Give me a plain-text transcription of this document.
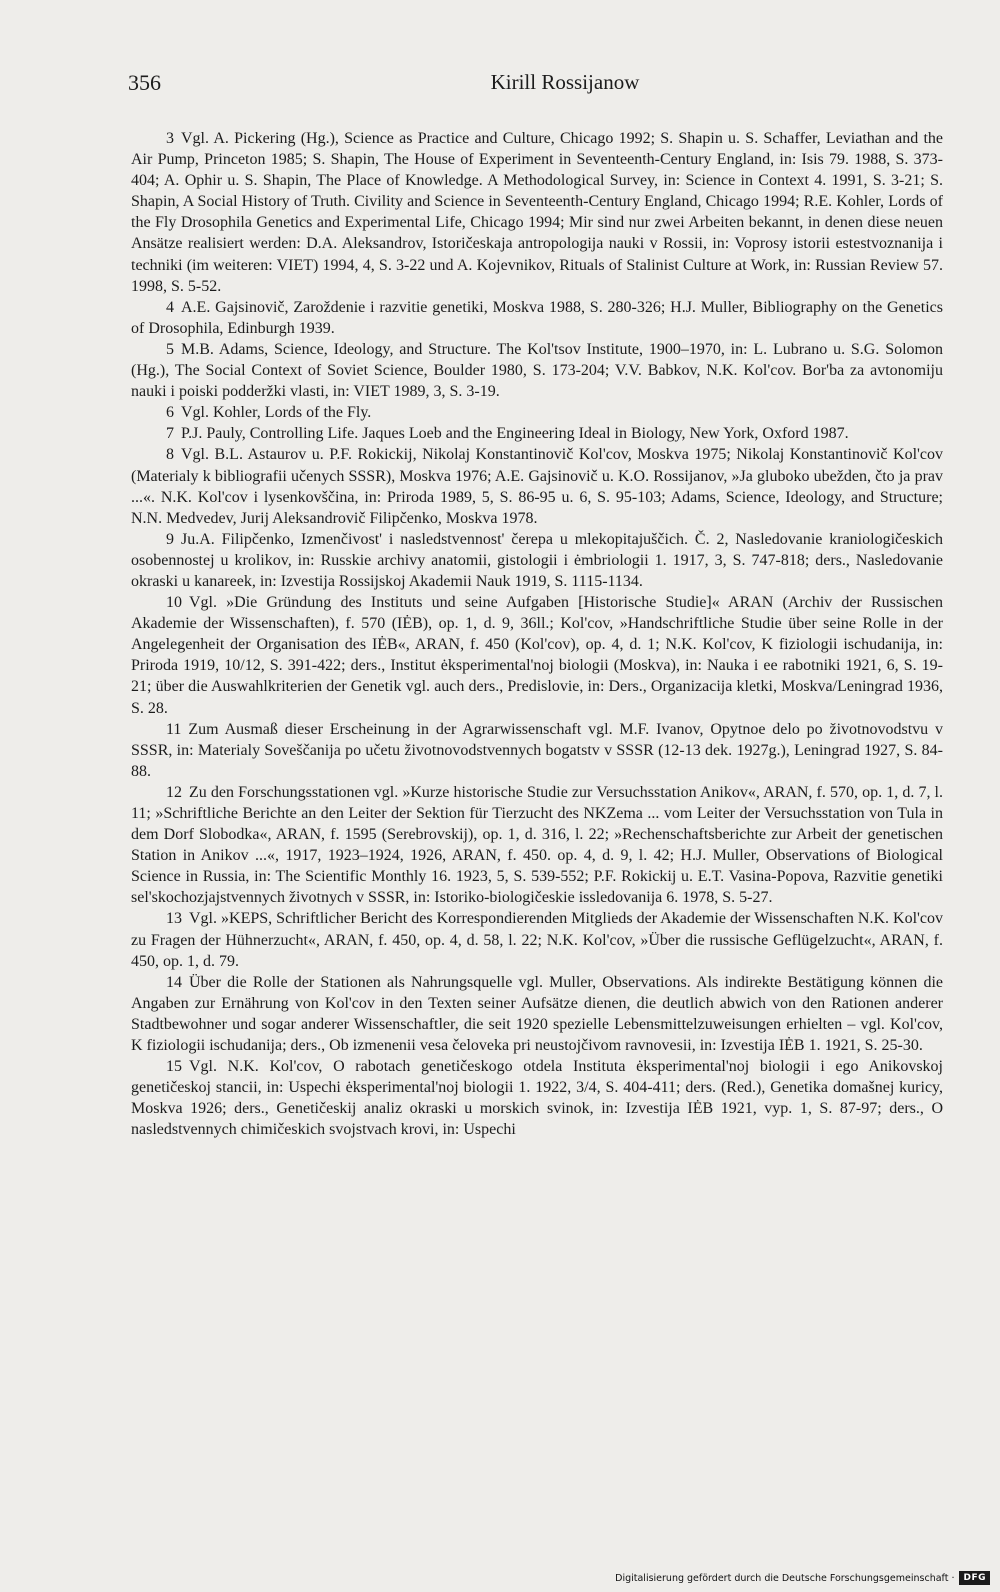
356	Kirill Rossijanow

3 Vgl. A. Pickering (Hg.), Science as Practice and Culture, Chicago 1992; S. Shapin u. S. Schaffer, Leviathan and the Air Pump, Princeton 1985; S. Shapin, The House of Experiment in Seventeenth-Century England, in: Isis 79. 1988, S. 373-404; A. Ophir u. S. Shapin, The Place of Knowledge. A Methodological Survey, in: Science in Context 4. 1991, S. 3-21; S. Shapin, A Social History of Truth. Civility and Science in Seventeenth-Century England, Chicago 1994; R.E. Kohler, Lords of the Fly Drosophila Genetics and Experimental Life, Chicago 1994; Mir sind nur zwei Arbeiten bekannt, in denen diese neuen Ansätze realisiert werden: D.A. Aleksandrov, Istoričeskaja antropologija nauki v Rossii, in: Voprosy istorii estestvoznanija i techniki (im weiteren: VIET) 1994, 4, S. 3-22 und A. Kojevnikov, Rituals of Stalinist Culture at Work, in: Russian Review 57. 1998, S. 5-52.

4 A.E. Gajsinovič, Zaroždenie i razvitie genetiki, Moskva 1988, S. 280-326; H.J. Muller, Bibliography on the Genetics of Drosophila, Edinburgh 1939.

5 M.B. Adams, Science, Ideology, and Structure. The Kol'tsov Institute, 1900–1970, in: L. Lubrano u. S.G. Solomon (Hg.), The Social Context of Soviet Science, Boulder 1980, S. 173-204; V.V. Babkov, N.K. Kol'cov. Bor'ba za avtonomiju nauki i poiski podderžki vlasti, in: VIET 1989, 3, S. 3-19.

6 Vgl. Kohler, Lords of the Fly.

7 P.J. Pauly, Controlling Life. Jaques Loeb and the Engineering Ideal in Biology, New York, Oxford 1987.

8 Vgl. B.L. Astaurov u. P.F. Rokickij, Nikolaj Konstantinovič Kol'cov, Moskva 1975; Nikolaj Konstantinovič Kol'cov (Materialy k bibliografii učenych SSSR), Moskva 1976; A.E. Gajsinovič u. K.O. Rossijanov, »Ja gluboko ubežden, čto ja prav ...«. N.K. Kol'cov i lysenkovščina, in: Priroda 1989, 5, S. 86-95 u. 6, S. 95-103; Adams, Science, Ideology, and Structure; N.N. Medvedev, Jurij Aleksandrovič Filipčenko, Moskva 1978.

9 Ju.A. Filipčenko, Izmenčivost' i nasledstvennost' čerepa u mlekopitajuščich. Č. 2, Nasledovanie kraniologičeskich osobennostej u krolikov, in: Russkie archivy anatomii, gistologii i ėmbriologii 1. 1917, 3, S. 747-818; ders., Nasledovanie okraski u kanareek, in: Izvestija Rossijskoj Akademii Nauk 1919, S. 1115-1134.

10 Vgl. »Die Gründung des Instituts und seine Aufgaben [Historische Studie]« ARAN (Archiv der Russischen Akademie der Wissenschaften), f. 570 (IĖB), op. 1, d. 9, 36ll.; Kol'cov, »Handschriftliche Studie über seine Rolle in der Angelegenheit der Organisation des IĖB«, ARAN, f. 450 (Kol'cov), op. 4, d. 1; N.K. Kol'cov, K fiziologii ischudanija, in: Priroda 1919, 10/12, S. 391-422; ders., Institut ėksperimental'noj biologii (Moskva), in: Nauka i ee rabotniki 1921, 6, S. 19-21; über die Auswahlkriterien der Genetik vgl. auch ders., Predislovie, in: Ders., Organizacija kletki, Moskva/Leningrad 1936, S. 28.

11 Zum Ausmaß dieser Erscheinung in der Agrarwissenschaft vgl. M.F. Ivanov, Opytnoe delo po životnovodstvu v SSSR, in: Materialy Soveščanija po učetu životnovodstvennych bogatstv v SSSR (12-13 dek. 1927g.), Leningrad 1927, S. 84-88.

12 Zu den Forschungsstationen vgl. »Kurze historische Studie zur Versuchsstation Anikov«, ARAN, f. 570, op. 1, d. 7, l. 11; »Schriftliche Berichte an den Leiter der Sektion für Tierzucht des NKZema ... vom Leiter der Versuchsstation von Tula in dem Dorf Slobodka«, ARAN, f. 1595 (Serebrovskij), op. 1, d. 316, l. 22; »Rechenschaftsberichte zur Arbeit der genetischen Station in Anikov ...«, 1917, 1923–1924, 1926, ARAN, f. 450. op. 4, d. 9, l. 42; H.J. Muller, Observations of Biological Science in Russia, in: The Scientific Monthly 16. 1923, 5, S. 539-552; P.F. Rokickij u. E.T. Vasina-Popova, Razvitie genetiki sel'skochozjajstvennych životnych v SSSR, in: Istoriko-biologičeskie issledovanija 6. 1978, S. 5-27.

13 Vgl. »KEPS, Schriftlicher Bericht des Korrespondierenden Mitglieds der Akademie der Wissenschaften N.K. Kol'cov zu Fragen der Hühnerzucht«, ARAN, f. 450, op. 4, d. 58, l. 22; N.K. Kol'cov, »Über die russische Geflügelzucht«, ARAN, f. 450, op. 1, d. 79.

14 Über die Rolle der Stationen als Nahrungsquelle vgl. Muller, Observations. Als indirekte Bestätigung können die Angaben zur Ernährung von Kol'cov in den Texten seiner Aufsätze dienen, die deutlich abwich von den Rationen anderer Stadtbewohner und sogar anderer Wissenschaftler, die seit 1920 spezielle Lebensmittelzuweisungen erhielten – vgl. Kol'cov, K fiziologii ischudanija; ders., Ob izmenenii vesa čeloveka pri neustojčivom ravnovesii, in: Izvestija IĖB 1. 1921, S. 25-30.

15 Vgl. N.K. Kol'cov, O rabotach genetičeskogo otdela Instituta ėksperimental'noj biologii i ego Anikovskoj genetičeskoj stancii, in: Uspechi ėksperimental'noj biologii 1. 1922, 3/4, S. 404-411; ders. (Red.), Genetika domašnej kuricy, Moskva 1926; ders., Genetičeskij analiz okraski u morskich svinok, in: Izvestija IĖB 1921, vyp. 1, S. 87-97; ders., O nasledstvennych chimičeskich svojstvach krovi, in: Uspechi

Digitalisierung gefördert durch die Deutsche Forschungsgemeinschaft ·	DFG
